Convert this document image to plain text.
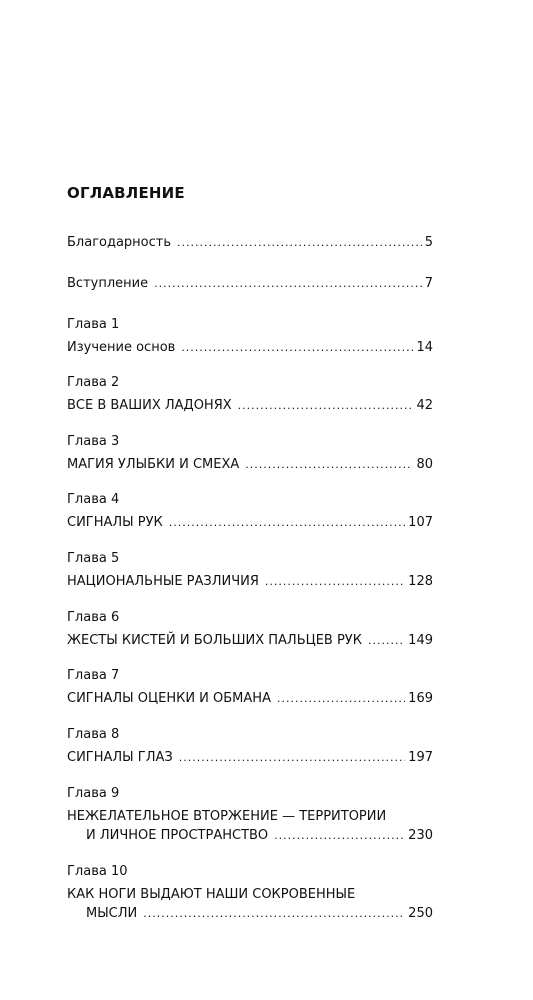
ОГЛАВЛЕНИЕ
Благодарность .....	5
Вступление .....	7
Глава 1
Изучение основ .....	14
Глава 2
ВСЕ В ВАШИХ ЛАДОНЯХ .....	42
Глава 3
МАГИЯ УЛЫБКИ И СМЕХА .....	80
Глава 4
СИГНАЛЫ РУК .....	107
Глава 5
НАЦИОНАЛЬНЫЕ РАЗЛИЧИЯ .....	128
Глава 6
ЖЕСТЫ КИСТЕЙ И БОЛЬШИХ ПАЛЬЦЕВ РУК .....	149
Глава 7
СИГНАЛЫ ОЦЕНКИ И ОБМАНА .....	169
Глава 8
СИГНАЛЫ ГЛАЗ .....	197
Глава 9
НЕЖЕЛАТЕЛЬНОЕ ВТОРЖЕНИЕ — ТЕРРИТОРИИ
И ЛИЧНОЕ ПРОСТРАНСТВО .....	230
Глава 10
КАК НОГИ ВЫДАЮТ НАШИ СОКРОВЕННЫЕ
МЫСЛИ .....	250
